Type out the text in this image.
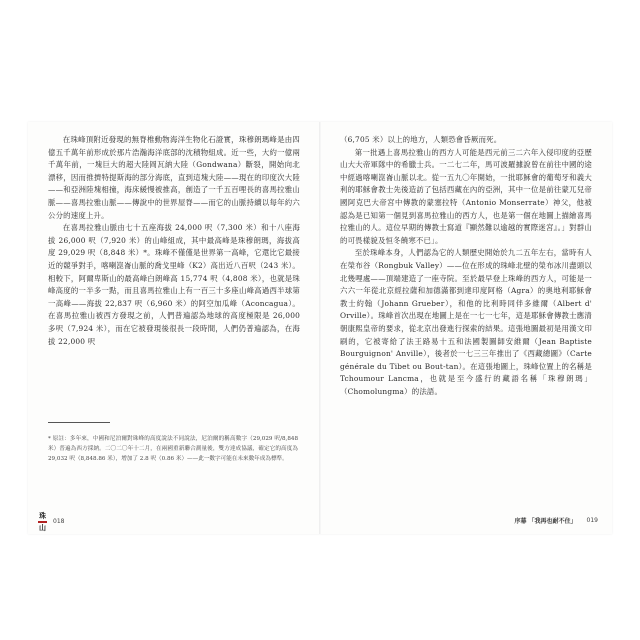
在珠峰頂附近發現的無脊椎動物海洋生物化石證實，珠穆朗瑪峰是由四億五千萬年前形成於那片浩瀚海洋底部的沈積物組成。近一些，大約一億兩千萬年前，一塊巨大的超大陸岡瓦納大陸（Gondwana）斷裂，開始向北漂移，因而推擠特提斯海的部分海底，直到這塊大陸——現在的印度次大陸——和亞洲陸塊相撞，海床緩慢被推高，創造了一千五百哩長的喜馬拉雅山脈——喜馬拉雅山脈——傳說中的世界屋脊——而它的山脈持續以每年約六公分的速度上升。

在喜馬拉雅山脈由七十五座海拔 24,000 呎（7,300 米）和十八座海拔 26,000 呎（7,920 米）的山峰組成，其中最高峰是珠穆朗瑪，海拔高度 29,029 呎（8,848 米）*。珠峰不僅僅是世界第一高峰，它還比它最接近的競爭對手，喀喇崑崙山脈的喬戈里峰（K2）高出近八百呎（243 米）。相較下，阿爾卑斯山的最高峰白朗峰高 15,774 呎（4,808 米），也就是珠峰高度的一半多一點，而且喜馬拉雅山上有一百三十多座山峰高過西半球第一高峰——海拔 22,837 呎（6,960 米）的阿空加瓜峰（Aconcagua）。在喜馬拉雅山被西方發現之前，人們普遍認為地球的高度極限是 26,000 多呎（7,924 米），而在它被發現後很長一段時間，人們仍普遍認為，在海拔 22,000 呎

* 原註：多年來，中國和尼泊爾對珠峰的高度說法不同說法，尼泊爾的稱高數字（29,029 呎/8,848 米）普遍為西方採納。二〇二〇年十二月，在兩國重新聯合測量後，雙方達成協議，確定它的高度為 29,032 呎（8,848.86 米），增加了 2.8 呎（0.86 米）——此一數字可能在未來數年成為標準。
珠
山
018

（6,705 米）以上的地方，人類恐會昏厥而死。

第一批遇上喜馬拉雅山的西方人可能是西元前三二六年入侵印度的亞歷山大大帝軍隊中的希臘士兵。一二七二年，馬可波羅據說曾在前往中國的途中經過喀喇崑崙山脈以北。從一五九〇年開始，一批耶穌會的葡萄牙和義大利的耶穌會教士先後造訪了包括西藏在內的亞洲，其中一位是前往蒙兀兒帝國阿克巴大帝宮中傳教的蒙塞拉特（Antonio Monserrate）神父，他被認為是已知第一個見到喜馬拉雅山的西方人，也是第一個在地圖上描繪喜馬拉雅山的人。這位早期的傳教士寫道『顯然難以逾越的實際迷宮』。」對群山的可畏樣貌及恒冬饒寒不已」。

至於珠峰本身，人們認為它的人類歷史開始於九二五年左右，當時有人在榮布谷（Rongbuk Valley）——位在形成的珠峰北壁的榮布冰川盡頭以北幾哩處——頂端建造了一座寺院。至於最早登上珠峰的西方人，可能是一六六一年從北京經拉薩和加德滿都到達印度阿格（Agra）的奧地利耶穌會教士約翰（Johann Grueber），和他的比利時同伴多維爾（Albert d' Orville）。珠峰首次出現在地圖上是在一七一七年，這是耶穌會傳教士應清朝康熙皇帝的要求，從北京出發進行探索的結果。這張地圖最初是用漢文印刷的，它被寄給了法王路易十五和法國製圖師安維爾（Jean Baptiste Bourguignon' Anville），後者於一七三三年推出了《西藏總圖》（Carte générale du Tibet ou Bout-tan）。在這張地圖上，珠峰位置上的名稱是 Tchoumour Lancma，也就是至今盛行的藏語名稱「珠穆朗瑪」（Chomolungma）的法語。

序幕 「我再也耐不住」 019
